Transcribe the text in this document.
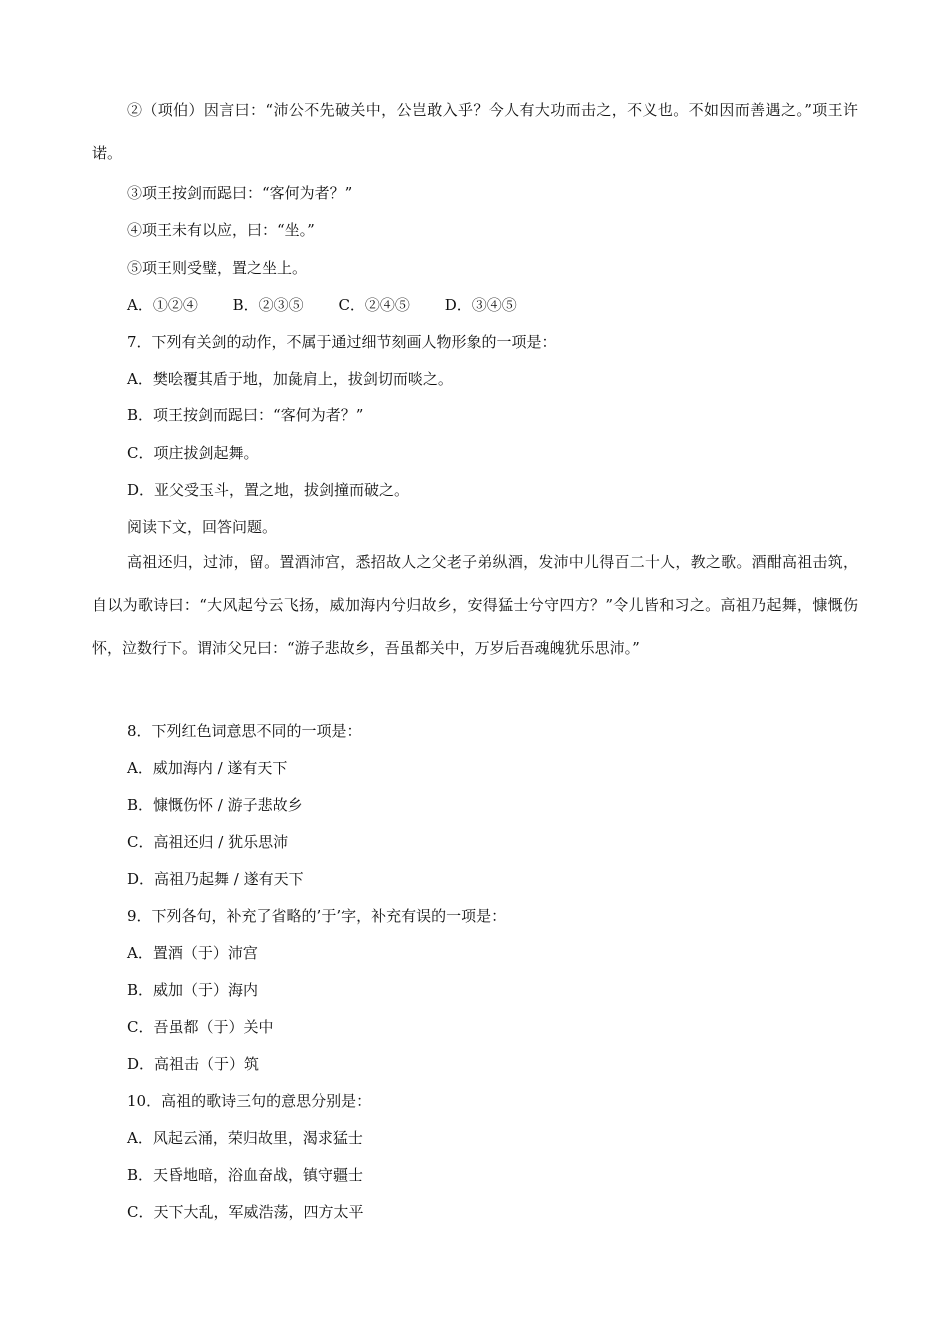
②（项伯）因言曰：“沛公不先破关中，公岂敢入乎？今人有大功而击之，不义也。不如因而善遇之。”项王许诺。
③项王按剑而跽曰：“客何为者？”
④项王未有以应，曰：“坐。”
⑤项王则受璧，置之坐上。
A．①②④ B．②③⑤ C．②④⑤ D．③④⑤
7．下列有关剑的动作，不属于通过细节刻画人物形象的一项是：
A．樊哙覆其盾于地，加彘肩上，拔剑切而啖之。
B．项王按剑而跽曰：“客何为者？”
C．项庄拔剑起舞。
D．亚父受玉斗，置之地，拔剑撞而破之。
阅读下文，回答问题。
高祖还归，过沛，留。置酒沛宫，悉招故人之父老子弟纵酒，发沛中儿得百二十人，教之歌。酒酣高祖击筑，自以为歌诗曰：“大风起兮云飞扬，威加海内兮归故乡，安得猛士兮守四方？”令儿皆和习之。高祖乃起舞，慷慨伤怀，泣数行下。谓沛父兄曰：“游子悲故乡，吾虽都关中，万岁后吾魂魄犹乐思沛。”
8．下列红色词意思不同的一项是：
A．威加海内 / 遂有天下
B．慷慨伤怀 / 游子悲故乡
C．高祖还归 / 犹乐思沛
D．高祖乃起舞 / 遂有天下
9．下列各句，补充了省略的’于’字，补充有误的一项是：
A．置酒（于）沛宫
B．威加（于）海内
C．吾虽都（于）关中
D．高祖击（于）筑
10．高祖的歌诗三句的意思分别是：
A．风起云涌，荣归故里，渴求猛士
B．天昏地暗，浴血奋战，镇守疆士
C．天下大乱，军威浩荡，四方太平
